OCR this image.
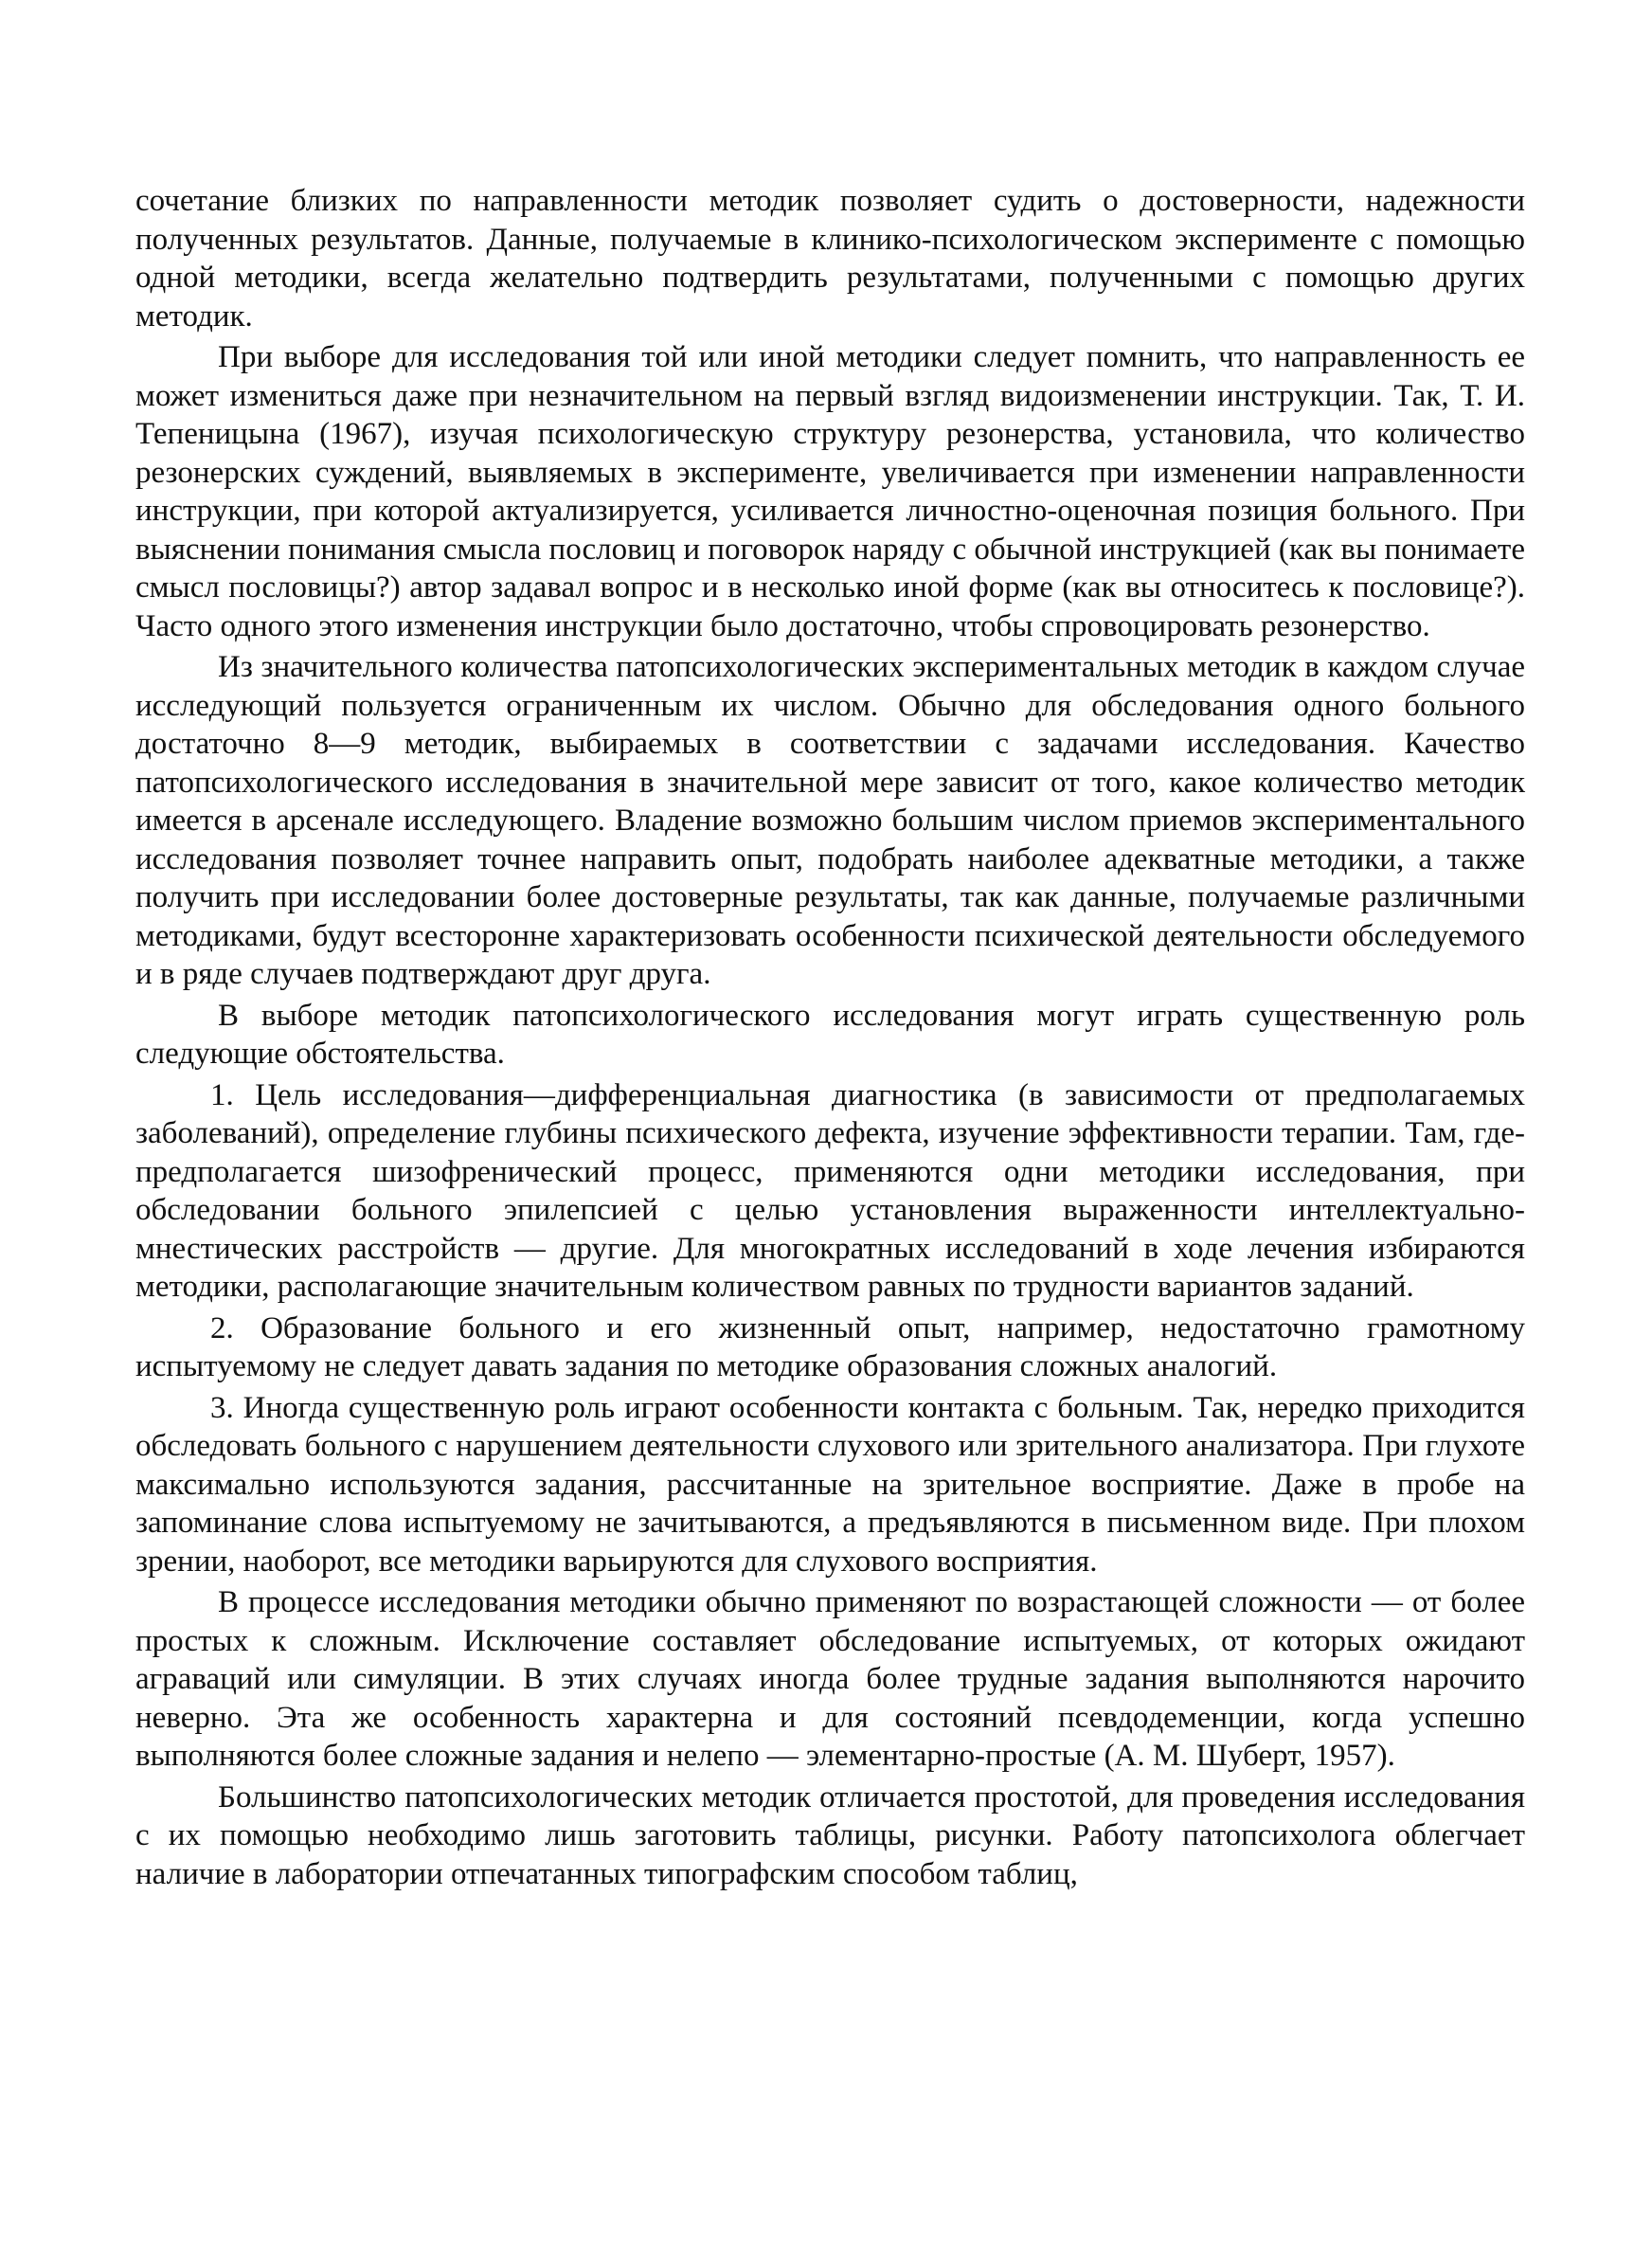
сочетание близких по направленности методик позволяет судить о достоверности, надежности полученных результатов. Данные, получаемые в клинико-психологическом эксперименте с помощью одной методики, всегда желательно подтвердить результатами, полученными с помощью других методик.

При выборе для исследования той или иной методики следует помнить, что направленность ее может измениться даже при незначительном на первый взгляд видоизменении инструкции. Так, Т. И. Тепеницына (1967), изучая психологическую структуру резонерства, установила, что количество резонерских суждений, выявляемых в эксперименте, увеличивается при изменении направленности инструкции, при которой актуализируется, усиливается личностно-оценочная позиция больного. При выяснении понимания смысла пословиц и поговорок наряду с обычной инструкцией (как вы понимаете смысл пословицы?) автор задавал вопрос и в несколько иной форме (как вы относитесь к пословице?). Часто одного этого изменения инструкции было достаточно, чтобы спровоцировать резонерство.

Из значительного количества патопсихологических экспериментальных методик в каждом случае исследующий пользуется ограниченным их числом. Обычно для обследования одного больного достаточно 8—9 методик, выбираемых в соответствии с задачами исследования. Качество патопсихологического исследования в значительной мере зависит от того, какое количество методик имеется в арсенале исследующего. Владение возможно большим числом приемов экспериментального исследования позволяет точнее направить опыт, подобрать наиболее адекватные методики, а также получить при исследовании более достоверные результаты, так как данные, получаемые различными методиками, будут всесторонне характеризовать особенности психической деятельности обследуемого и в ряде случаев подтверждают друг друга.

В выборе методик патопсихологического исследования могут играть существенную роль следующие обстоятельства.

1. Цель исследования—дифференциальная диагностика (в зависимости от предполагаемых заболеваний), определение глубины психического дефекта, изучение эффективности терапии. Там, где-предполагается шизофренический процесс, применяются одни методики исследования, при обследовании больного эпилепсией с целью установления выраженности интеллектуально-мнестических расстройств — другие. Для многократных исследований в ходе лечения избираются методики, располагающие значительным количеством равных по трудности вариантов заданий.

2. Образование больного и его жизненный опыт, например, недостаточно грамотному испытуемому не следует давать задания по методике образования сложных аналогий.

3. Иногда существенную роль играют особенности контакта с больным. Так, нередко приходится обследовать больного с нарушением деятельности слухового или зрительного анализатора. При глухоте максимально используются задания, рассчитанные на зрительное восприятие. Даже в пробе на запоминание слова испытуемому не зачитываются, а предъявляются в письменном виде. При плохом зрении, наоборот, все методики варьируются для слухового восприятия.

В процессе исследования методики обычно применяют по возрастающей сложности — от более простых к сложным. Исключение составляет обследование испытуемых, от которых ожидают аграваций или симуляции. В этих случаях иногда более трудные задания выполняются нарочито неверно. Эта же особенность характерна и для состояний псевдодеменции, когда успешно выполняются более сложные задания и нелепо — элементарно-простые (А. М. Шуберт, 1957).

Большинство патопсихологических методик отличается простотой, для проведения исследования с их помощью необходимо лишь заготовить таблицы, рисунки. Работу патопсихолога облегчает наличие в лаборатории отпечатанных типографским способом таблиц,
